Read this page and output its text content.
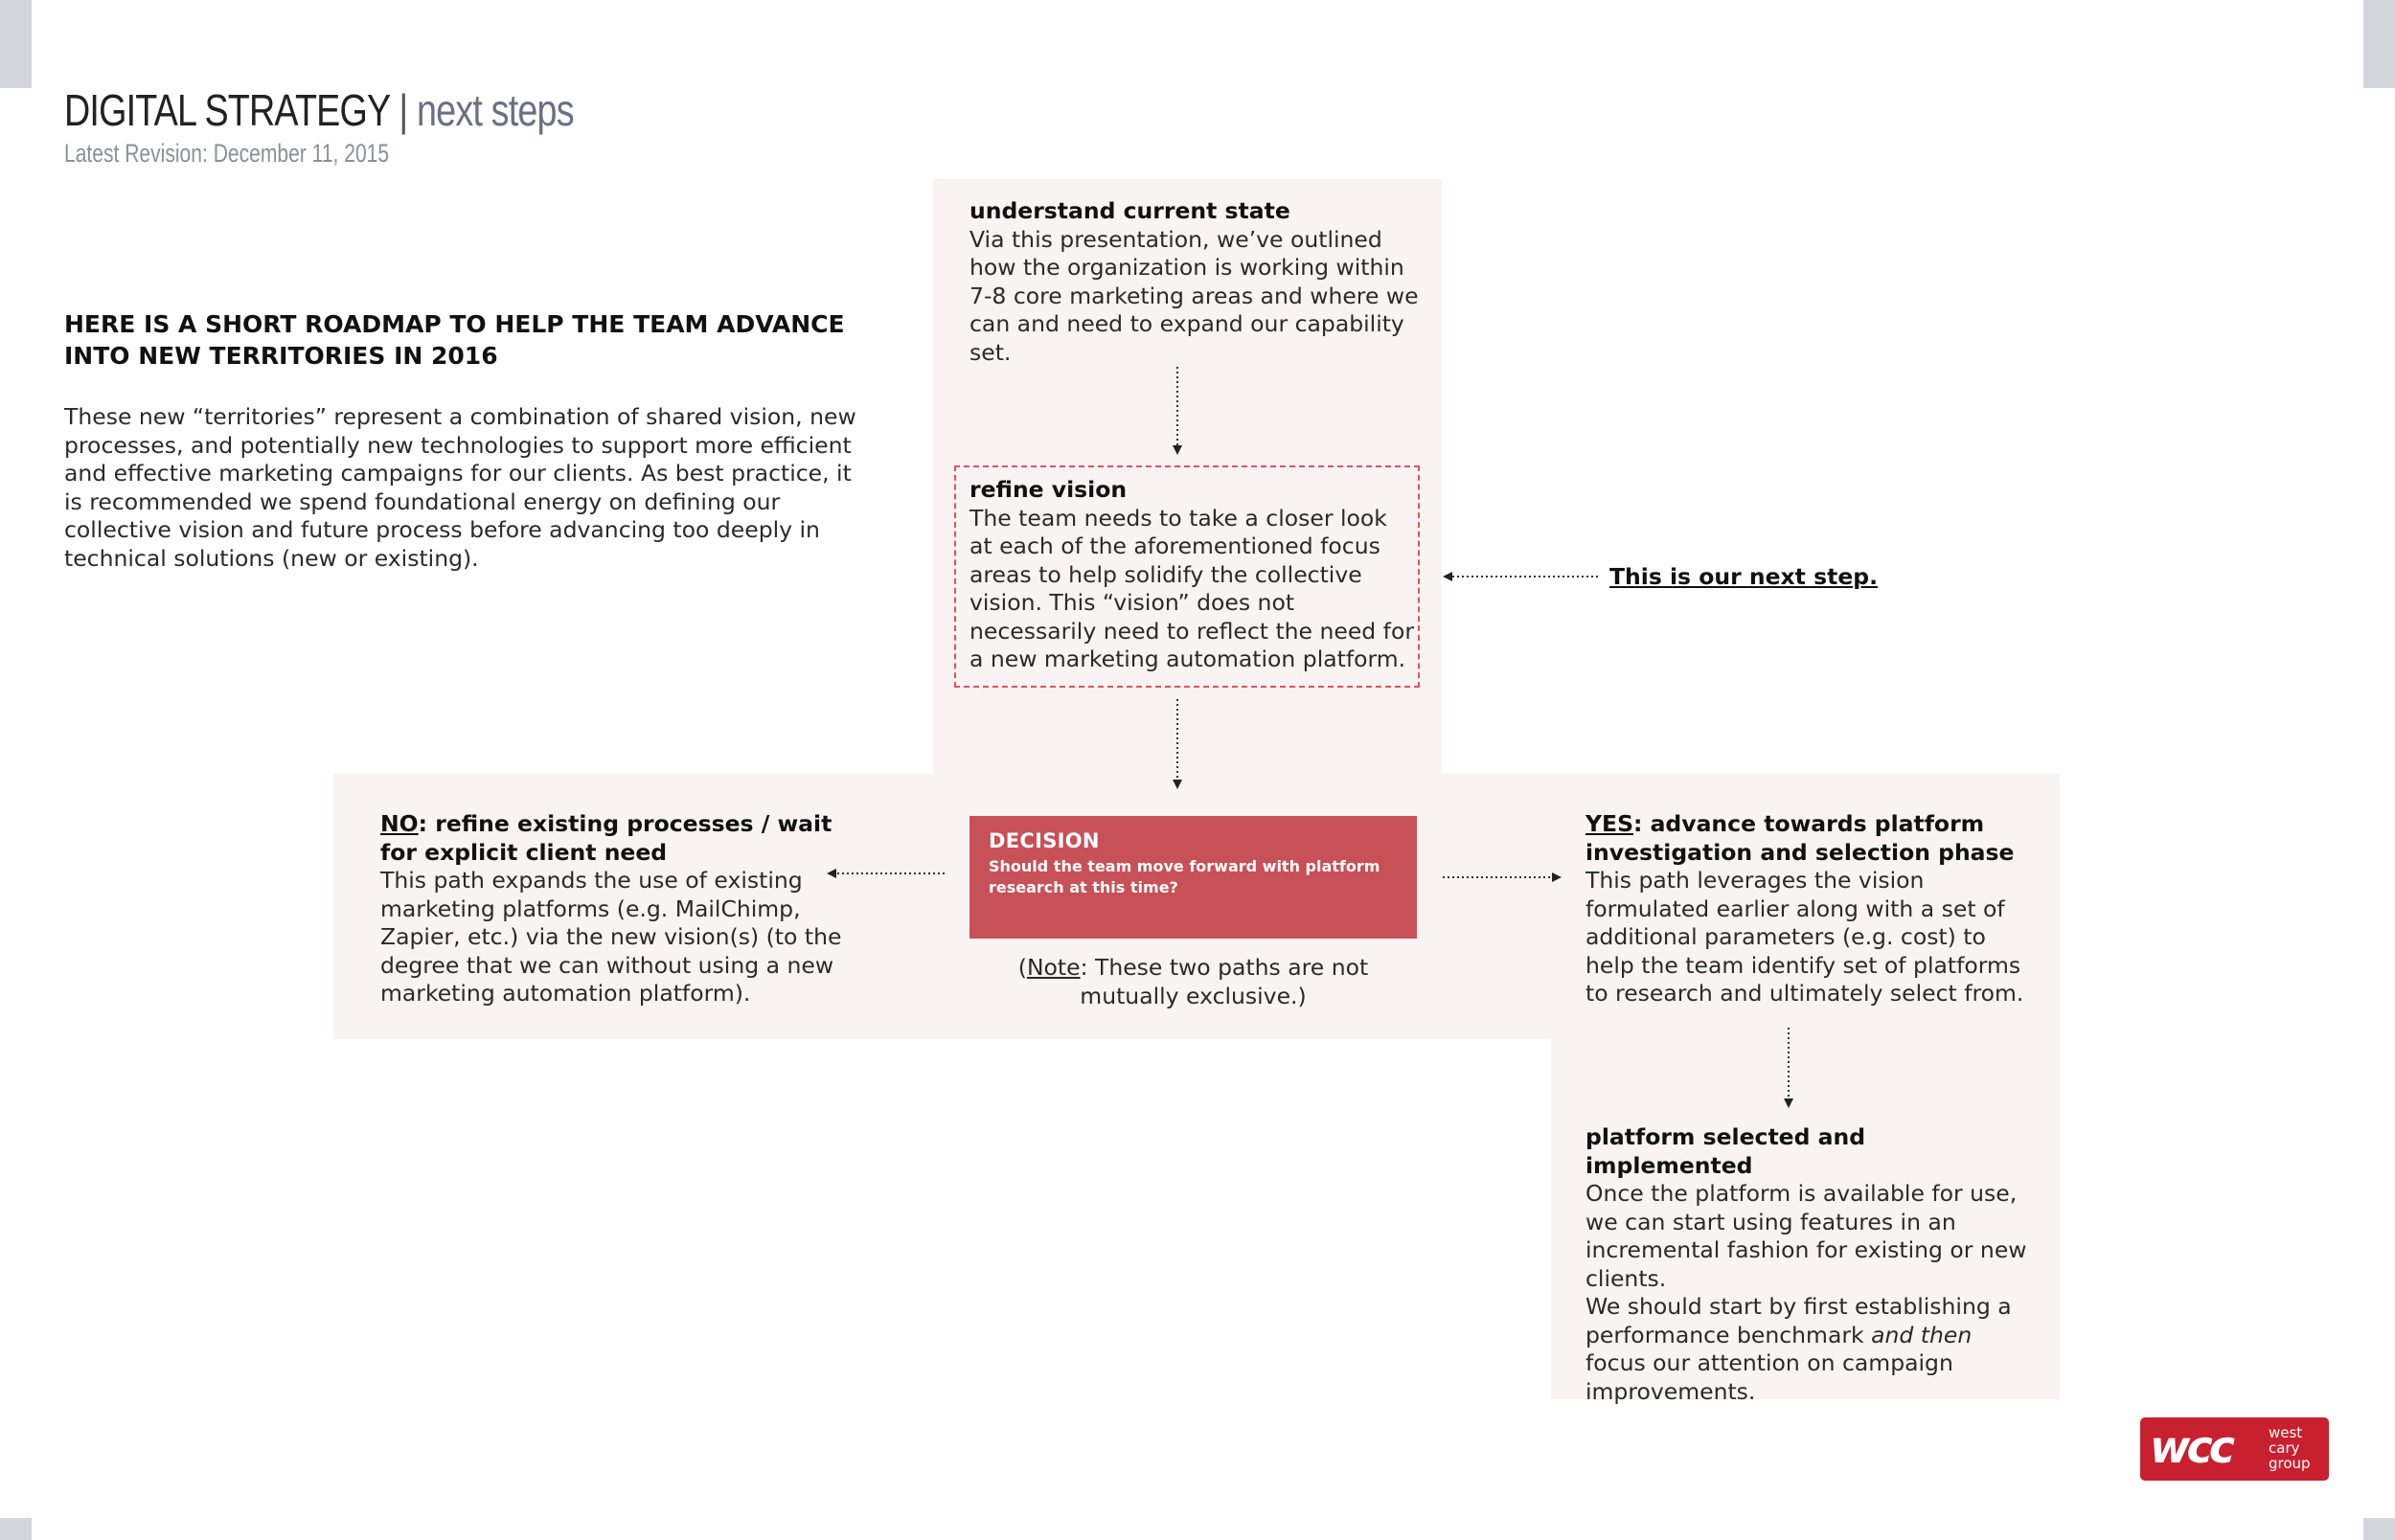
DIGITAL STRATEGY | next steps
Latest Revision: December 11, 2015
HERE IS A SHORT ROADMAP TO HELP THE TEAM ADVANCE INTO NEW TERRITORIES IN 2016
These new “territories” represent a combination of shared vision, new processes, and potentially new technologies to support more efficient and effective marketing campaigns for our clients. As best practice, it is recommended we spend foundational energy on defining our collective vision and future process before advancing too deeply in technical solutions (new or existing).
understand current state
Via this presentation, we’ve outlined how the organization is working within 7-8 core marketing areas and where we can and need to expand our capability set.
refine vision
The team needs to take a closer look at each of the aforementioned focus areas to help solidify the collective vision. This “vision” does not necessarily need to reflect the need for a new marketing automation platform.
This is our next step.
DECISION
Should the team move forward with platform research at this time?
(Note: These two paths are not mutually exclusive.)
NO: refine existing processes / wait for explicit client need
This path expands the use of existing marketing platforms (e.g. MailChimp, Zapier, etc.) via the new vision(s) (to the degree that we can without using a new marketing automation platform).
YES: advance towards platform investigation and selection phase
This path leverages the vision formulated earlier along with a set of additional parameters (e.g. cost) to help the team identify set of platforms to research and ultimately select from.
platform selected and implemented
Once the platform is available for use, we can start using features in an incremental fashion for existing or new clients.
We should start by first establishing a performance benchmark and then focus our attention on campaign improvements.
wcc	west
cary
group
